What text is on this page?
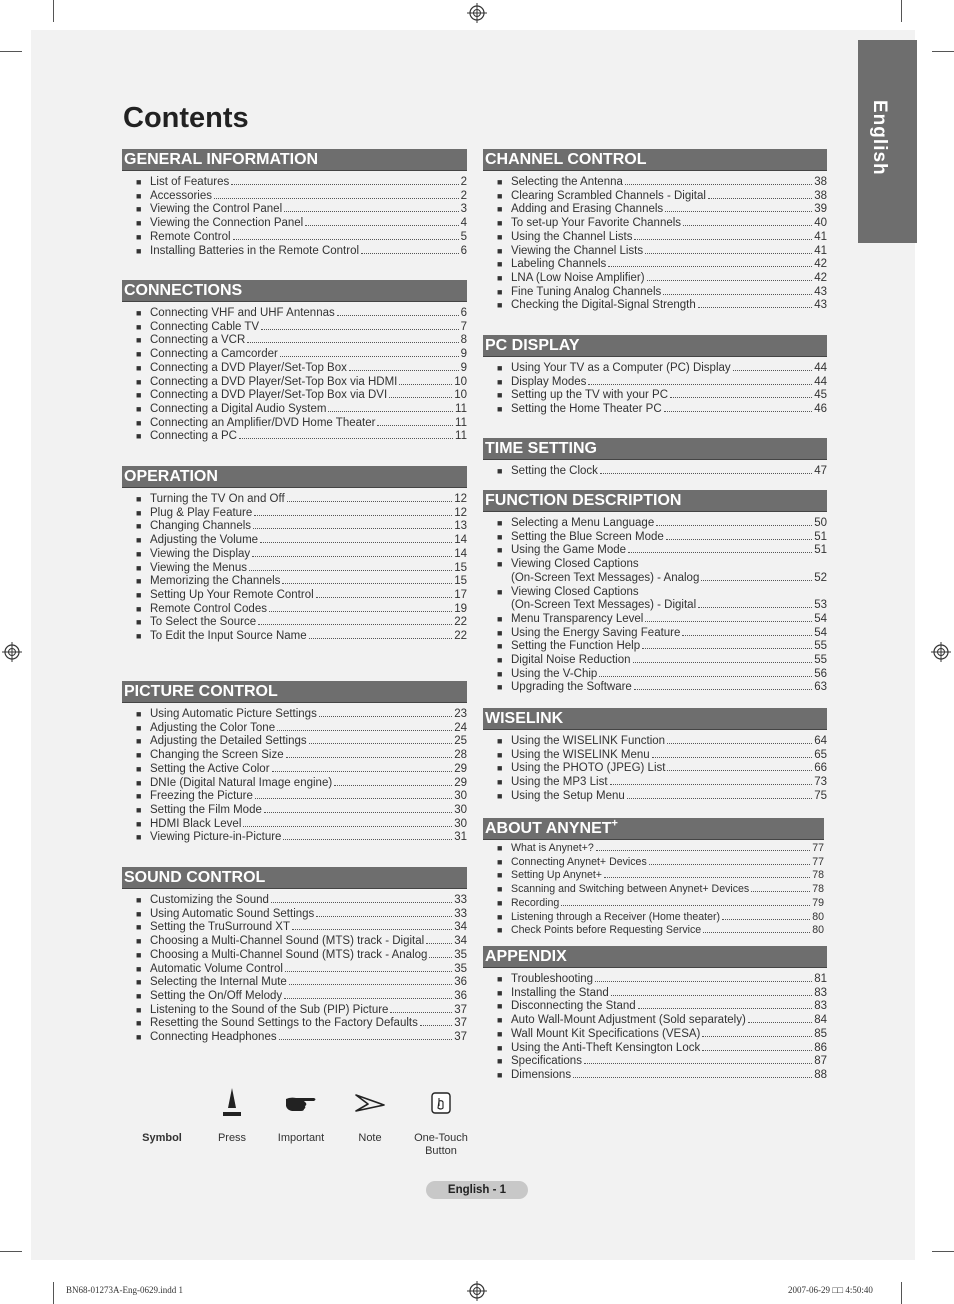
English
Contents
GENERAL INFORMATION
■ List of Features	2
■ Accessories	2
■ Viewing the Control Panel	3
■ Viewing the Connection Panel	4
■ Remote Control	5
■ Installing Batteries in the Remote Control	6
CONNECTIONS
■ Connecting VHF and UHF Antennas	6
■ Connecting Cable TV	7
■ Connecting a VCR	8
■ Connecting a Camcorder	9
■ Connecting a DVD Player/Set-Top Box	9
■ Connecting a DVD Player/Set-Top Box via HDMI	10
■ Connecting a DVD Player/Set-Top Box via DVI	10
■ Connecting a Digital Audio System	11
■ Connecting an Amplifier/DVD Home Theater	11
■ Connecting a PC	11
OPERATION
■ Turning the TV On and Off	12
■ Plug & Play Feature	12
■ Changing Channels	13
■ Adjusting the Volume	14
■ Viewing the Display	14
■ Viewing the Menus	15
■ Memorizing the Channels	15
■ Setting Up Your Remote Control	17
■ Remote Control Codes	19
■ To Select the Source	22
■ To Edit the Input Source Name	22
PICTURE CONTROL
■ Using Automatic Picture Settings	23
■ Adjusting the Color Tone	24
■ Adjusting the Detailed Settings	25
■ Changing the Screen Size	28
■ Setting the Active Color	29
■ DNIe (Digital Natural Image engine)	29
■ Freezing the Picture	30
■ Setting the Film Mode	30
■ HDMI Black Level	30
■ Viewing Picture-in-Picture	31
SOUND CONTROL
■ Customizing the Sound	33
■ Using Automatic Sound Settings	33
■ Setting the TruSurround XT	34
■ Choosing a Multi-Channel Sound (MTS) track - Digital	34
■ Choosing a Multi-Channel Sound (MTS) track - Analog 35
■ Automatic Volume Control	35
■ Selecting the Internal Mute	36
■ Setting the On/Off Melody	36
■ Listening to the Sound of the Sub (PIP) Picture	37
■ Resetting the Sound Settings to the Factory Defaults	37
■ Connecting Headphones	37
CHANNEL CONTROL
■ Selecting the Antenna	38
■ Clearing Scrambled Channels - Digital	38
■ Adding and Erasing Channels	39
■ To set-up Your Favorite Channels	40
■ Using the Channel Lists	41
■ Viewing the Channel Lists	41
■ Labeling Channels	42
■ LNA (Low Noise Amplifier)	42
■ Fine Tuning Analog Channels	43
■ Checking the Digital-Signal Strength	43
PC DISPLAY
■ Using Your TV as a Computer (PC) Display	44
■ Display Modes	44
■ Setting up the TV with your PC	45
■ Setting the Home Theater PC	46
TIME SETTING
■ Setting the Clock	47
FUNCTION DESCRIPTION
■ Selecting a Menu Language	50
■ Setting the Blue Screen Mode	51
■ Using the Game Mode	51
■ Viewing Closed Captions
(On-Screen Text Messages) - Analog	52
■ Viewing Closed Captions
(On-Screen Text Messages) - Digital	53
■ Menu Transparency Level	54
■ Using the Energy Saving Feature	54
■ Setting the Function Help	55
■ Digital Noise Reduction	55
■ Using the V-Chip	56
■ Upgrading the Software	63
WISELINK
■ Using the WISELINK Function	64
■ Using the WISELINK Menu	65
■ Using the PHOTO (JPEG) List	66
■ Using the MP3 List	73
■ Using the Setup Menu	75
ABOUT ANYNET+
■ What is Anynet+?	77
■ Connecting Anynet+ Devices	77
■ Setting Up Anynet+	78
■ Scanning and Switching between Anynet+ Devices	78
■ Recording	79
■ Listening through a Receiver (Home theater)	80
■ Check Points before Requesting Service	80
APPENDIX
■ Troubleshooting	81
■ Installing the Stand	83
■ Disconnecting the Stand	83
■ Auto Wall-Mount Adjustment (Sold separately)	84
■ Wall Mount Kit Specifications (VESA)	85
■ Using the Anti-Theft Kensington Lock	86
■ Specifications	87
■ Dimensions	88
Symbol	Press	Important	Note	One-Touch
Button
English - 1
BN68-01273A-Eng-0629.indd 1	2007-06-29 □□ 4:50:40
